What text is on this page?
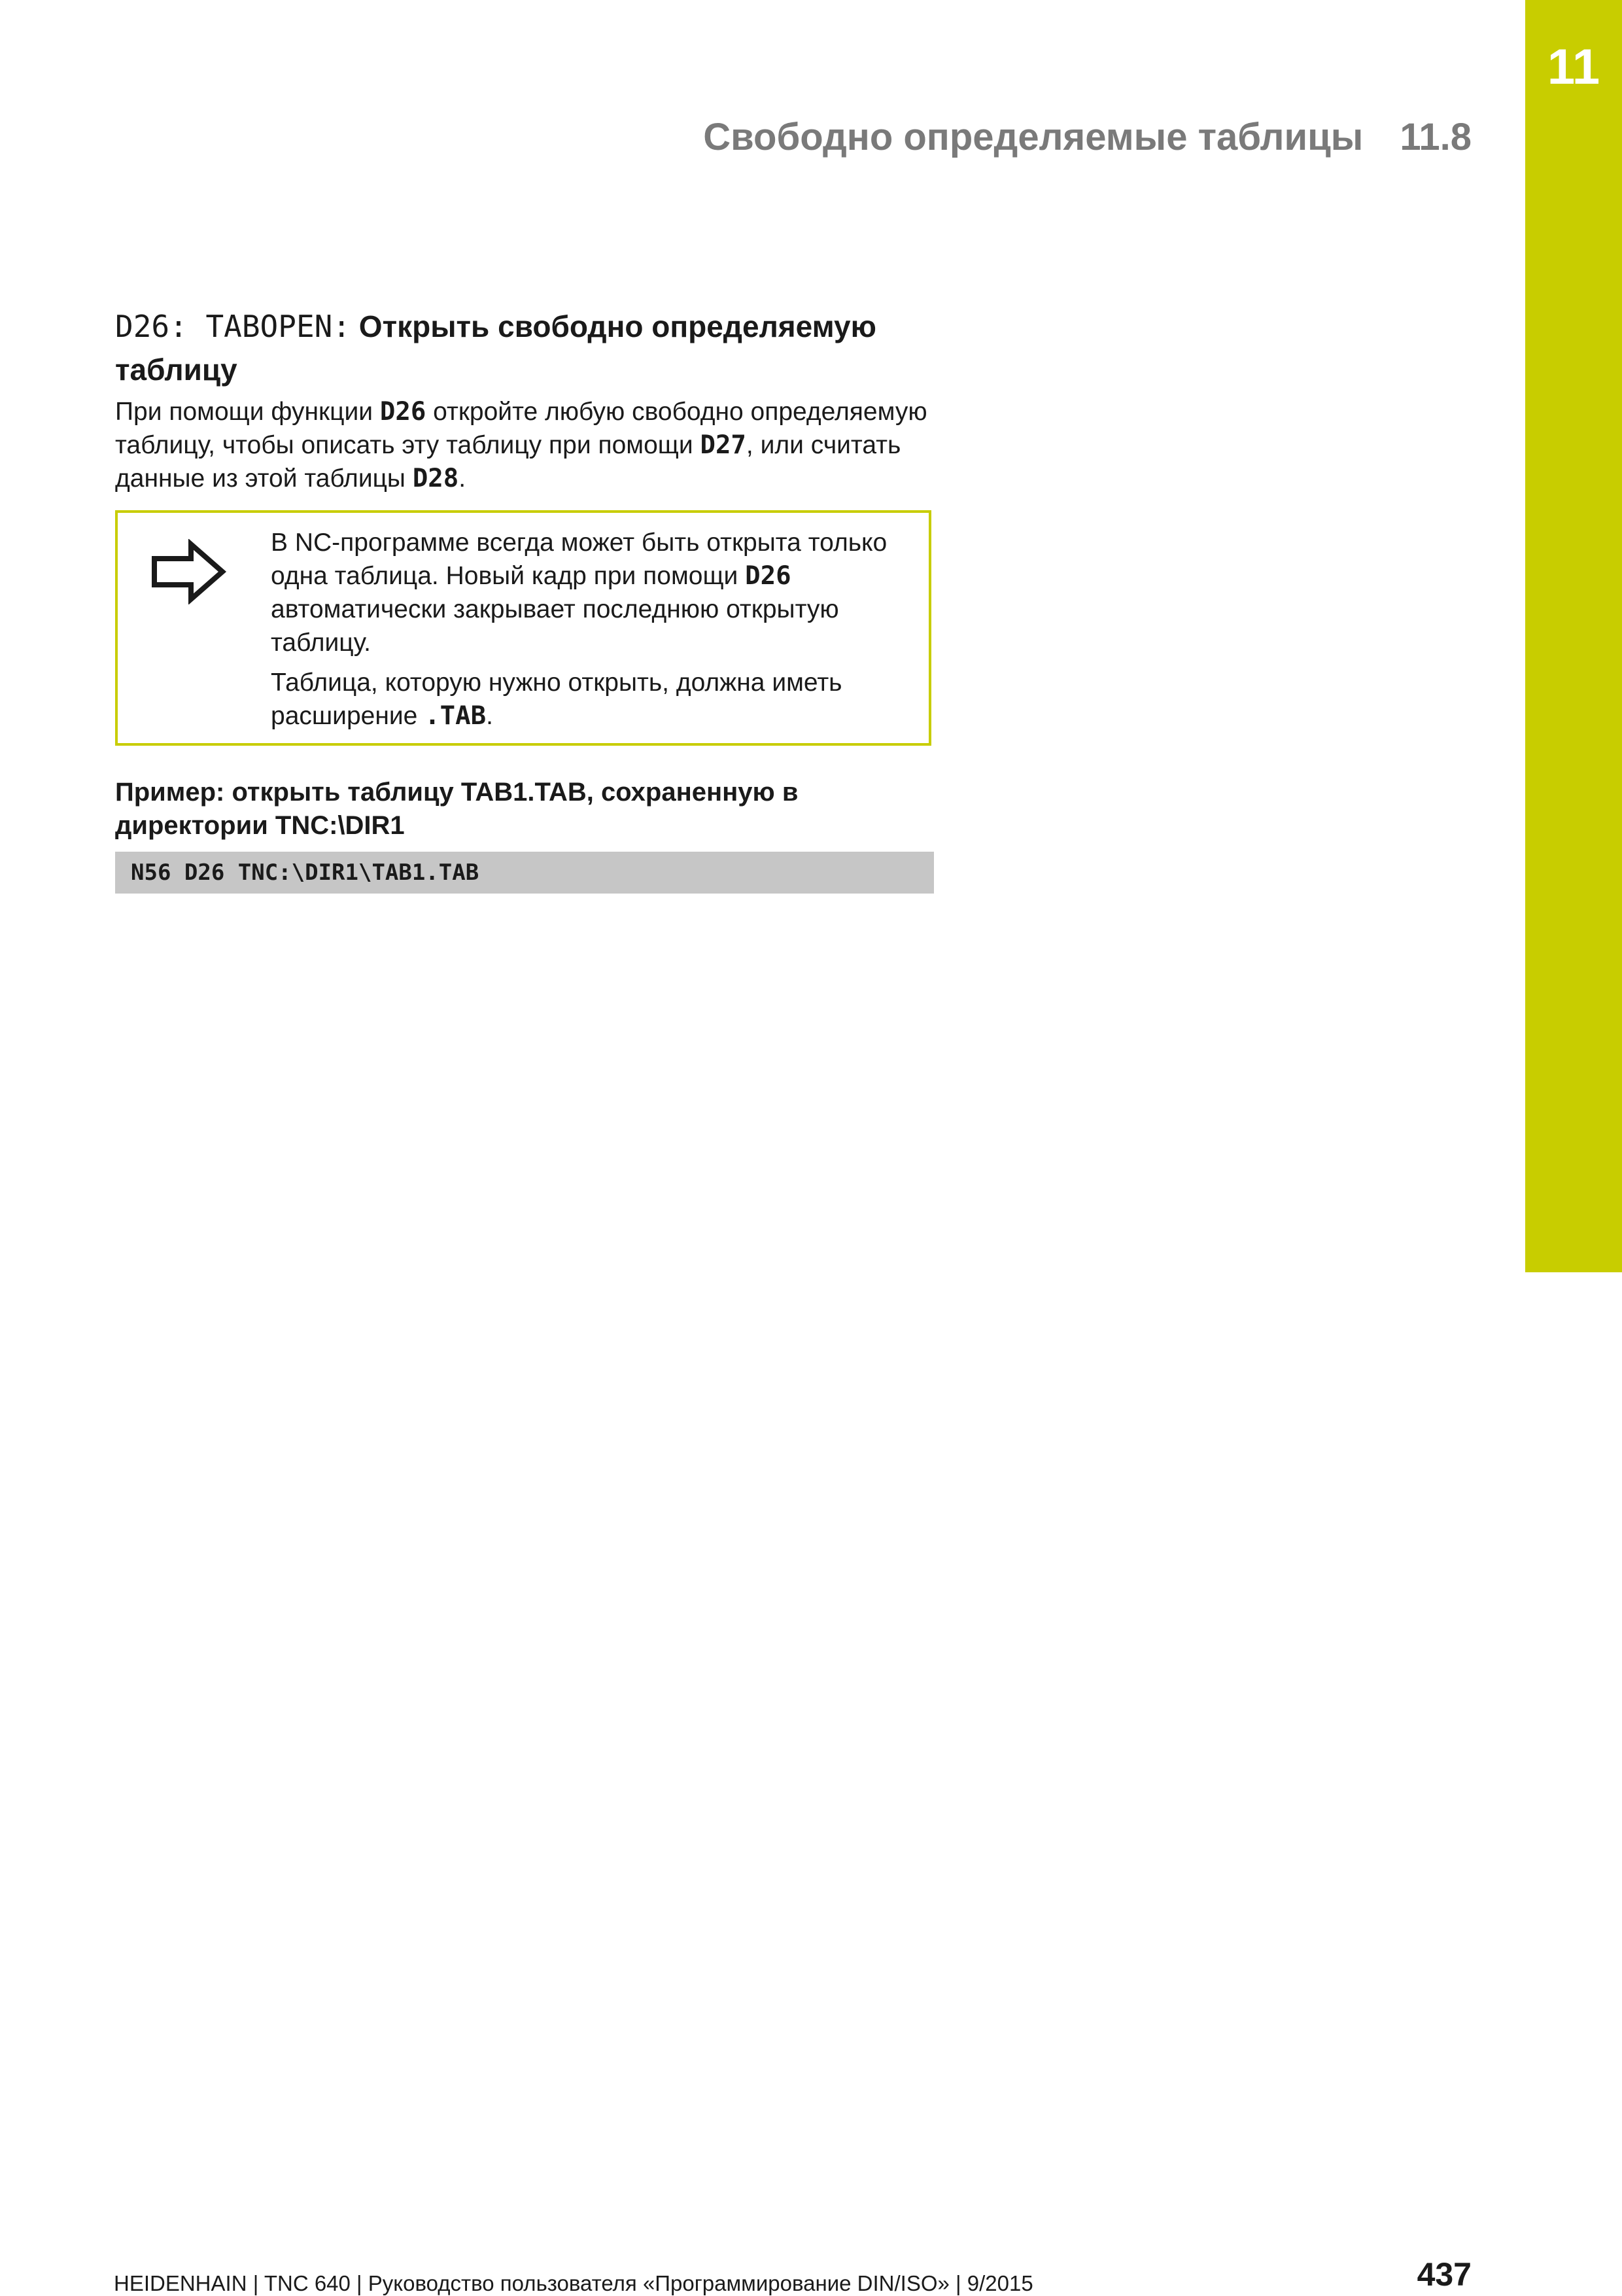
11
Свободно определяемые таблицы 11.8
D26: TABOPEN: Открыть свободно определяемую
таблицу
При помощи функции D26 откройте любую свободно определяемую таблицу, чтобы описать эту таблицу при помощи D27, или считать данные из этой таблицы D28.

В NC-программе всегда может быть открыта только одна таблица. Новый кадр при помощи D26 автоматически закрывает последнюю открытую таблицу.

Таблица, которую нужно открыть, должна иметь расширение .TAB.

Пример: открыть таблицу TAB1.TAB, сохраненную в директории TNC:\DIR1
N56 D26 TNC:\DIR1\TAB1.TAB
HEIDENHAIN | TNC 640 | Руководство пользователя «Программирование DIN/ISO» | 9/2015	437
